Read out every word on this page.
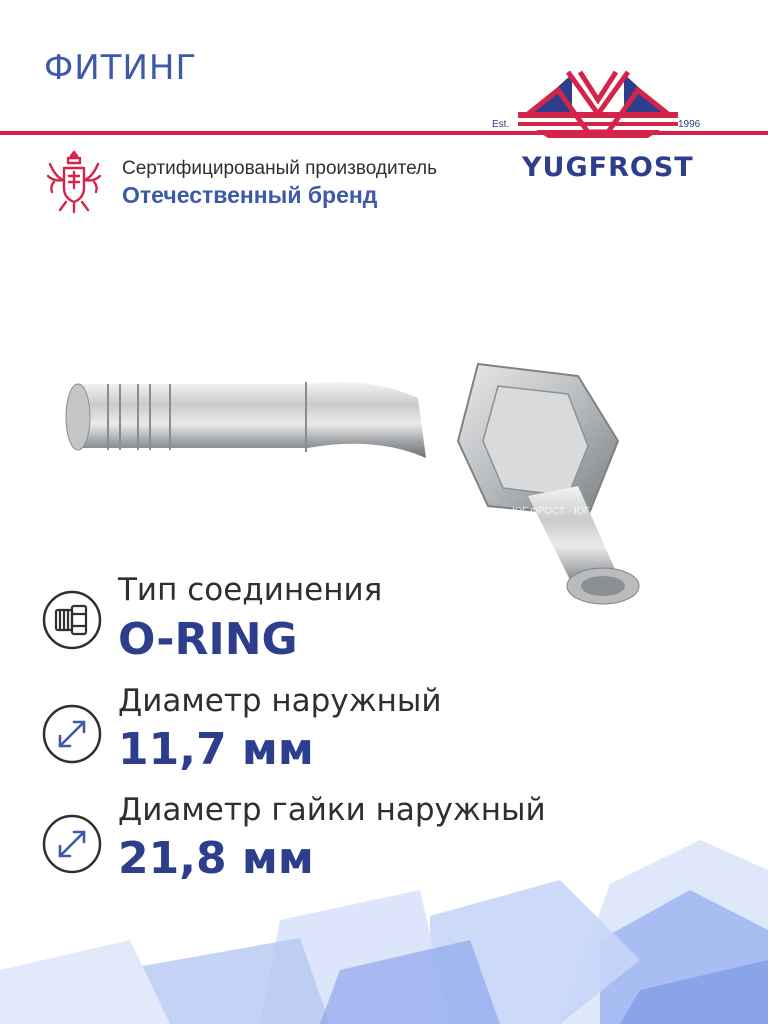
ФИТИНГ
Est.	1996
YUGFROST
Сертифицированый производитель
Отечественный бренд
ЮГ ФРОСТ · ЮГ ФРОСТ
Тип соединения
O-RING
Диаметр наружный
11,7 мм
Диаметр гайки наружный
21,8 мм
